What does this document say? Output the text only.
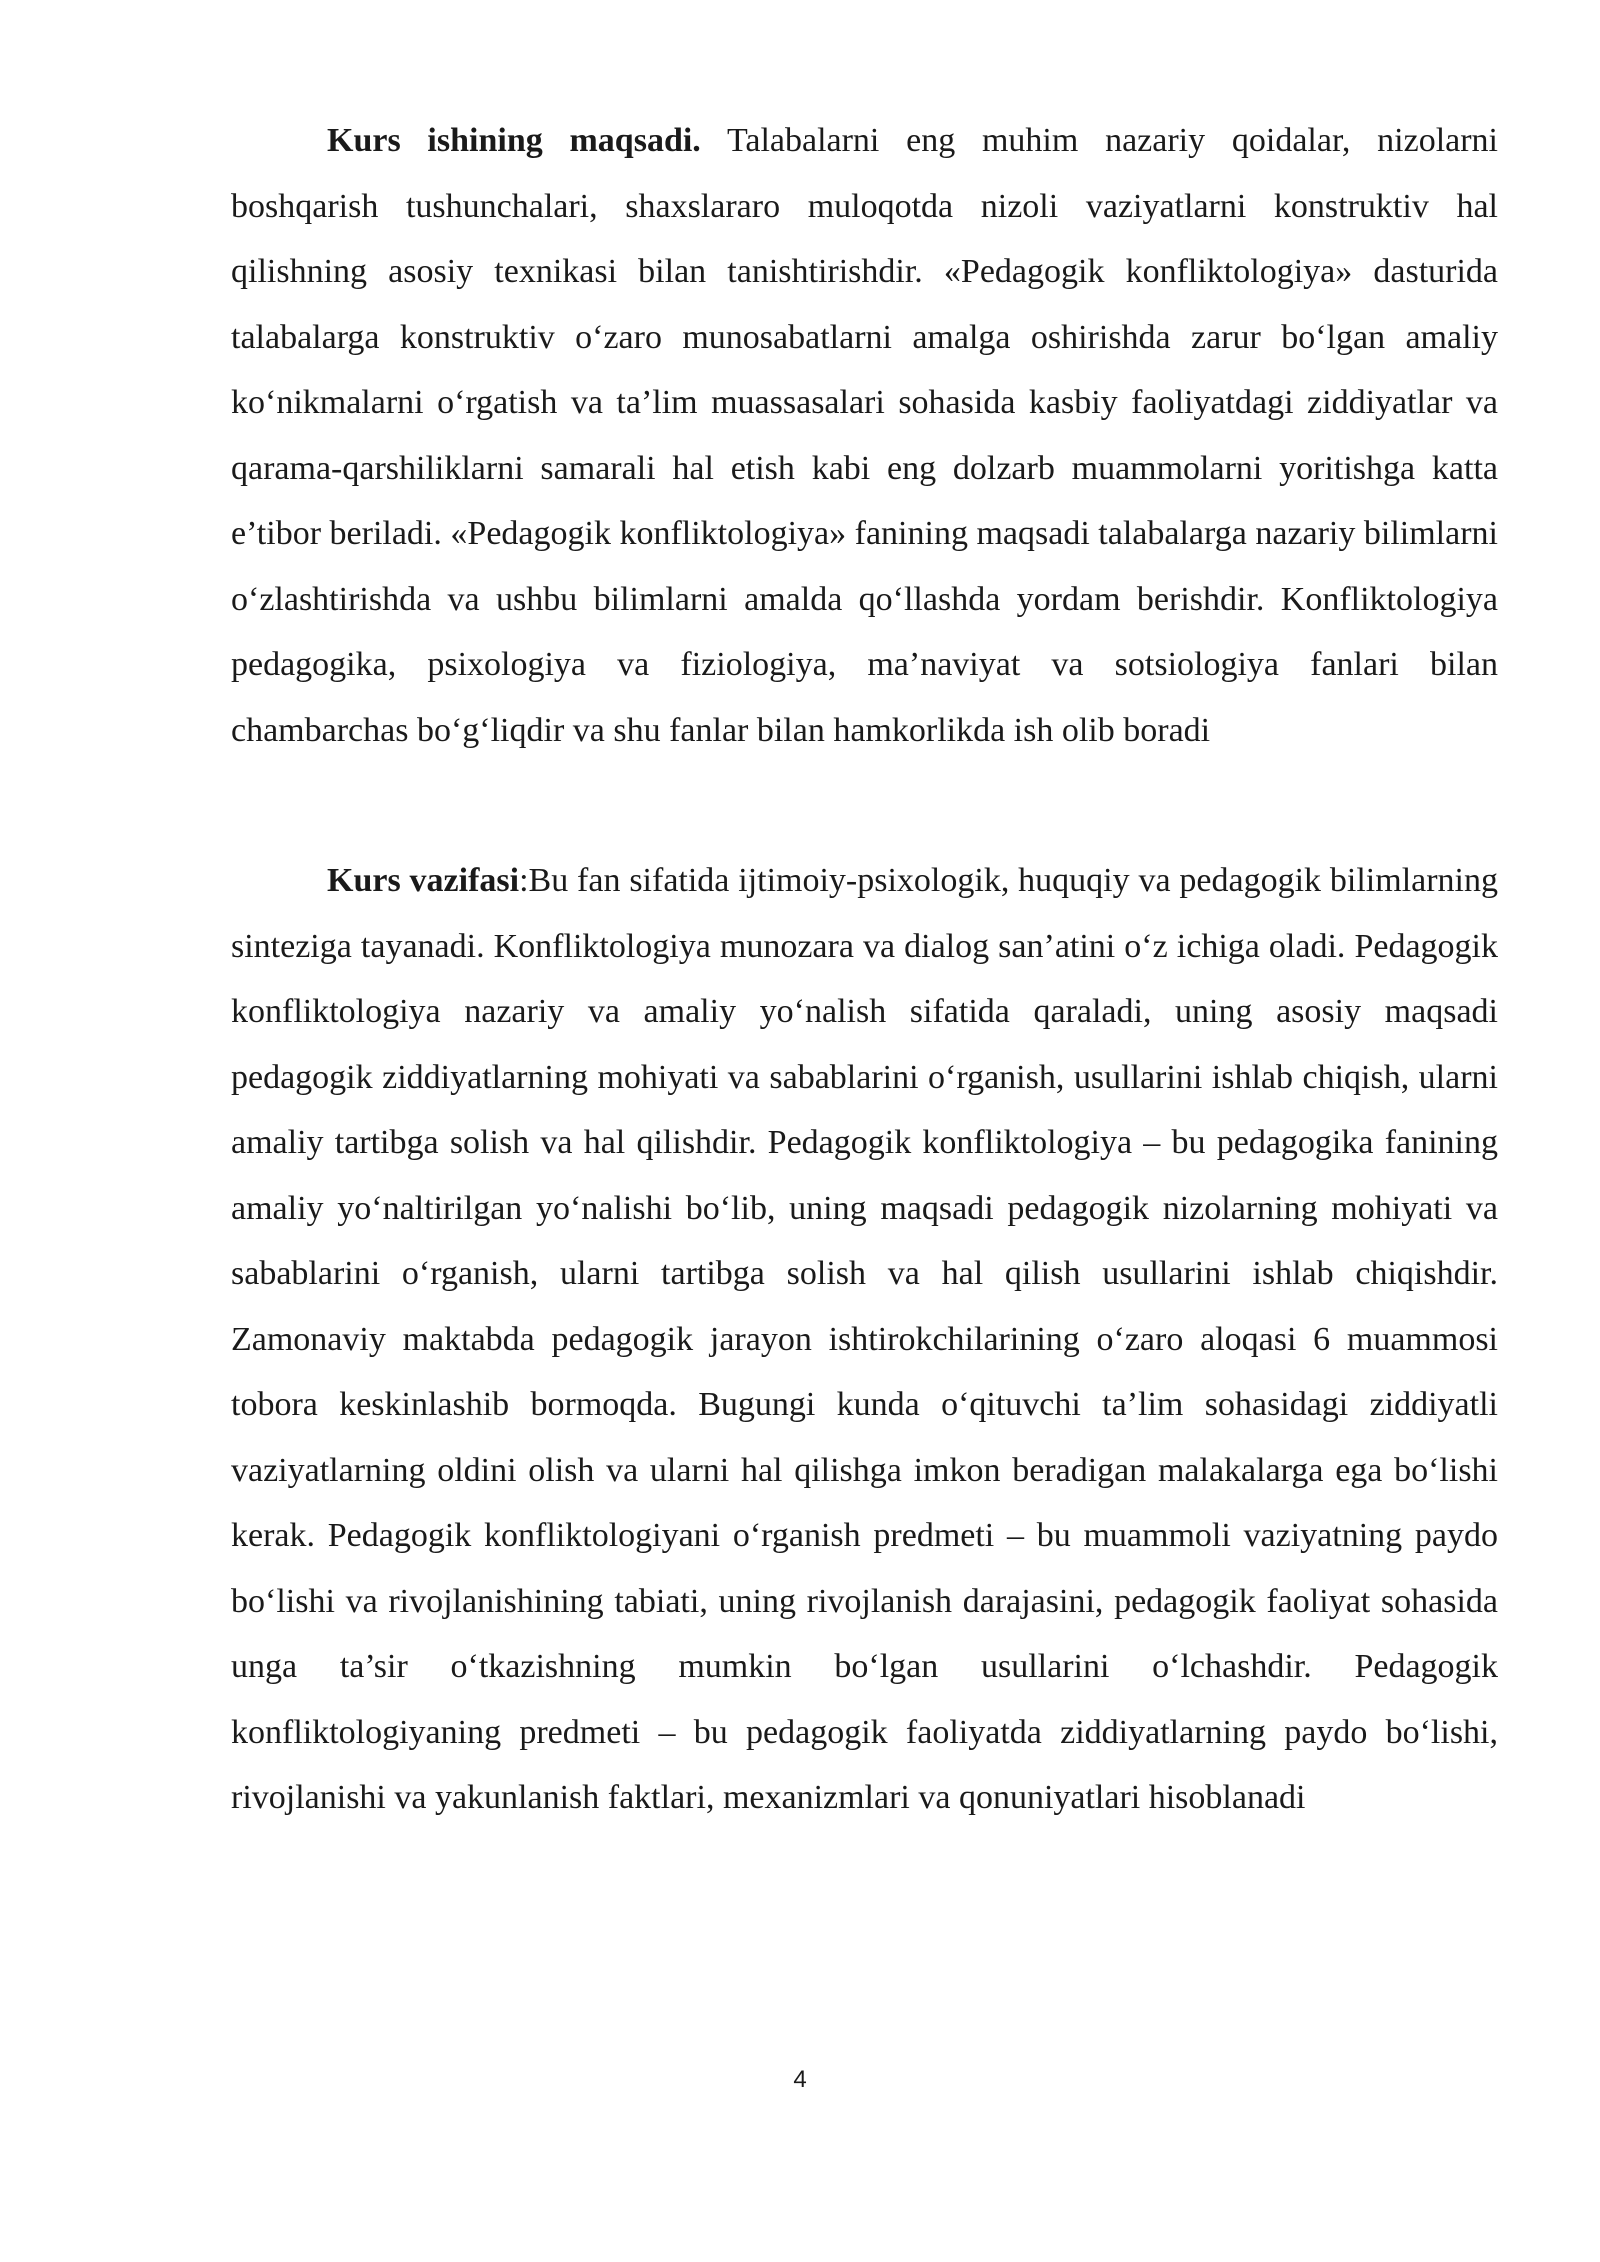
Kurs ishining maqsadi. Talabalarni eng muhim nazariy qoidalar, nizolarni boshqarish tushunchalari, shaxslararo muloqotda nizoli vaziyatlarni konstruktiv hal qilishning asosiy texnikasi bilan tanishtirishdir. «Pedagogik konfliktologiya» dasturida talabalarga konstruktiv o‘zaro munosabatlarni amalga oshirishda zarur bo‘lgan amaliy ko‘nikmalarni o‘rgatish va ta’lim muassasalari sohasida kasbiy faoliyatdagi ziddiyatlar va qarama-qarshiliklarni samarali hal etish kabi eng dolzarb muammolarni yoritishga katta e’tibor beriladi. «Pedagogik konfliktologiya» fanining maqsadi talabalarga nazariy bilimlarni o‘zlashtirishda va ushbu bilimlarni amalda qo‘llashda yordam berishdir. Konfliktologiya pedagogika, psixologiya va fiziologiya, ma’naviyat va sotsiologiya fanlari bilan chambarchas bo‘g‘liqdir va shu fanlar bilan hamkorlikda ish olib boradi

Kurs vazifasi:Bu fan sifatida ijtimoiy-psixologik, huquqiy va pedagogik bilimlarning sinteziga tayanadi. Konfliktologiya munozara va dialog san’atini o‘z ichiga oladi. Pedagogik konfliktologiya nazariy va amaliy yo‘nalish sifatida qaraladi, uning asosiy maqsadi pedagogik ziddiyatlarning mohiyati va sabablarini o‘rganish, usullarini ishlab chiqish, ularni amaliy tartibga solish va hal qilishdir. Pedagogik konfliktologiya – bu pedagogika fanining amaliy yo‘naltirilgan yo‘nalishi bo‘lib, uning maqsadi pedagogik nizolarning mohiyati va sabablarini o‘rganish, ularni tartibga solish va hal qilish usullarini ishlab chiqishdir. Zamonaviy maktabda pedagogik jarayon ishtirokchilarining o‘zaro aloqasi 6 muammosi tobora keskinlashib bormoqda. Bugungi kunda o‘qituvchi ta’lim sohasidagi ziddiyatli vaziyatlarning oldini olish va ularni hal qilishga imkon beradigan malakalarga ega bo‘lishi kerak. Pedagogik konfliktologiyani o‘rganish predmeti – bu muammoli vaziyatning paydo bo‘lishi va rivojlanishining tabiati, uning rivojlanish darajasini, pedagogik faoliyat sohasida unga ta’sir o‘tkazishning mumkin bo‘lgan usullarini o‘lchashdir. Pedagogik konfliktologiyaning predmeti – bu pedagogik faoliyatda ziddiyatlarning paydo bo‘lishi, rivojlanishi va yakunlanish faktlari, mexanizmlari va qonuniyatlari hisoblanadi

4
